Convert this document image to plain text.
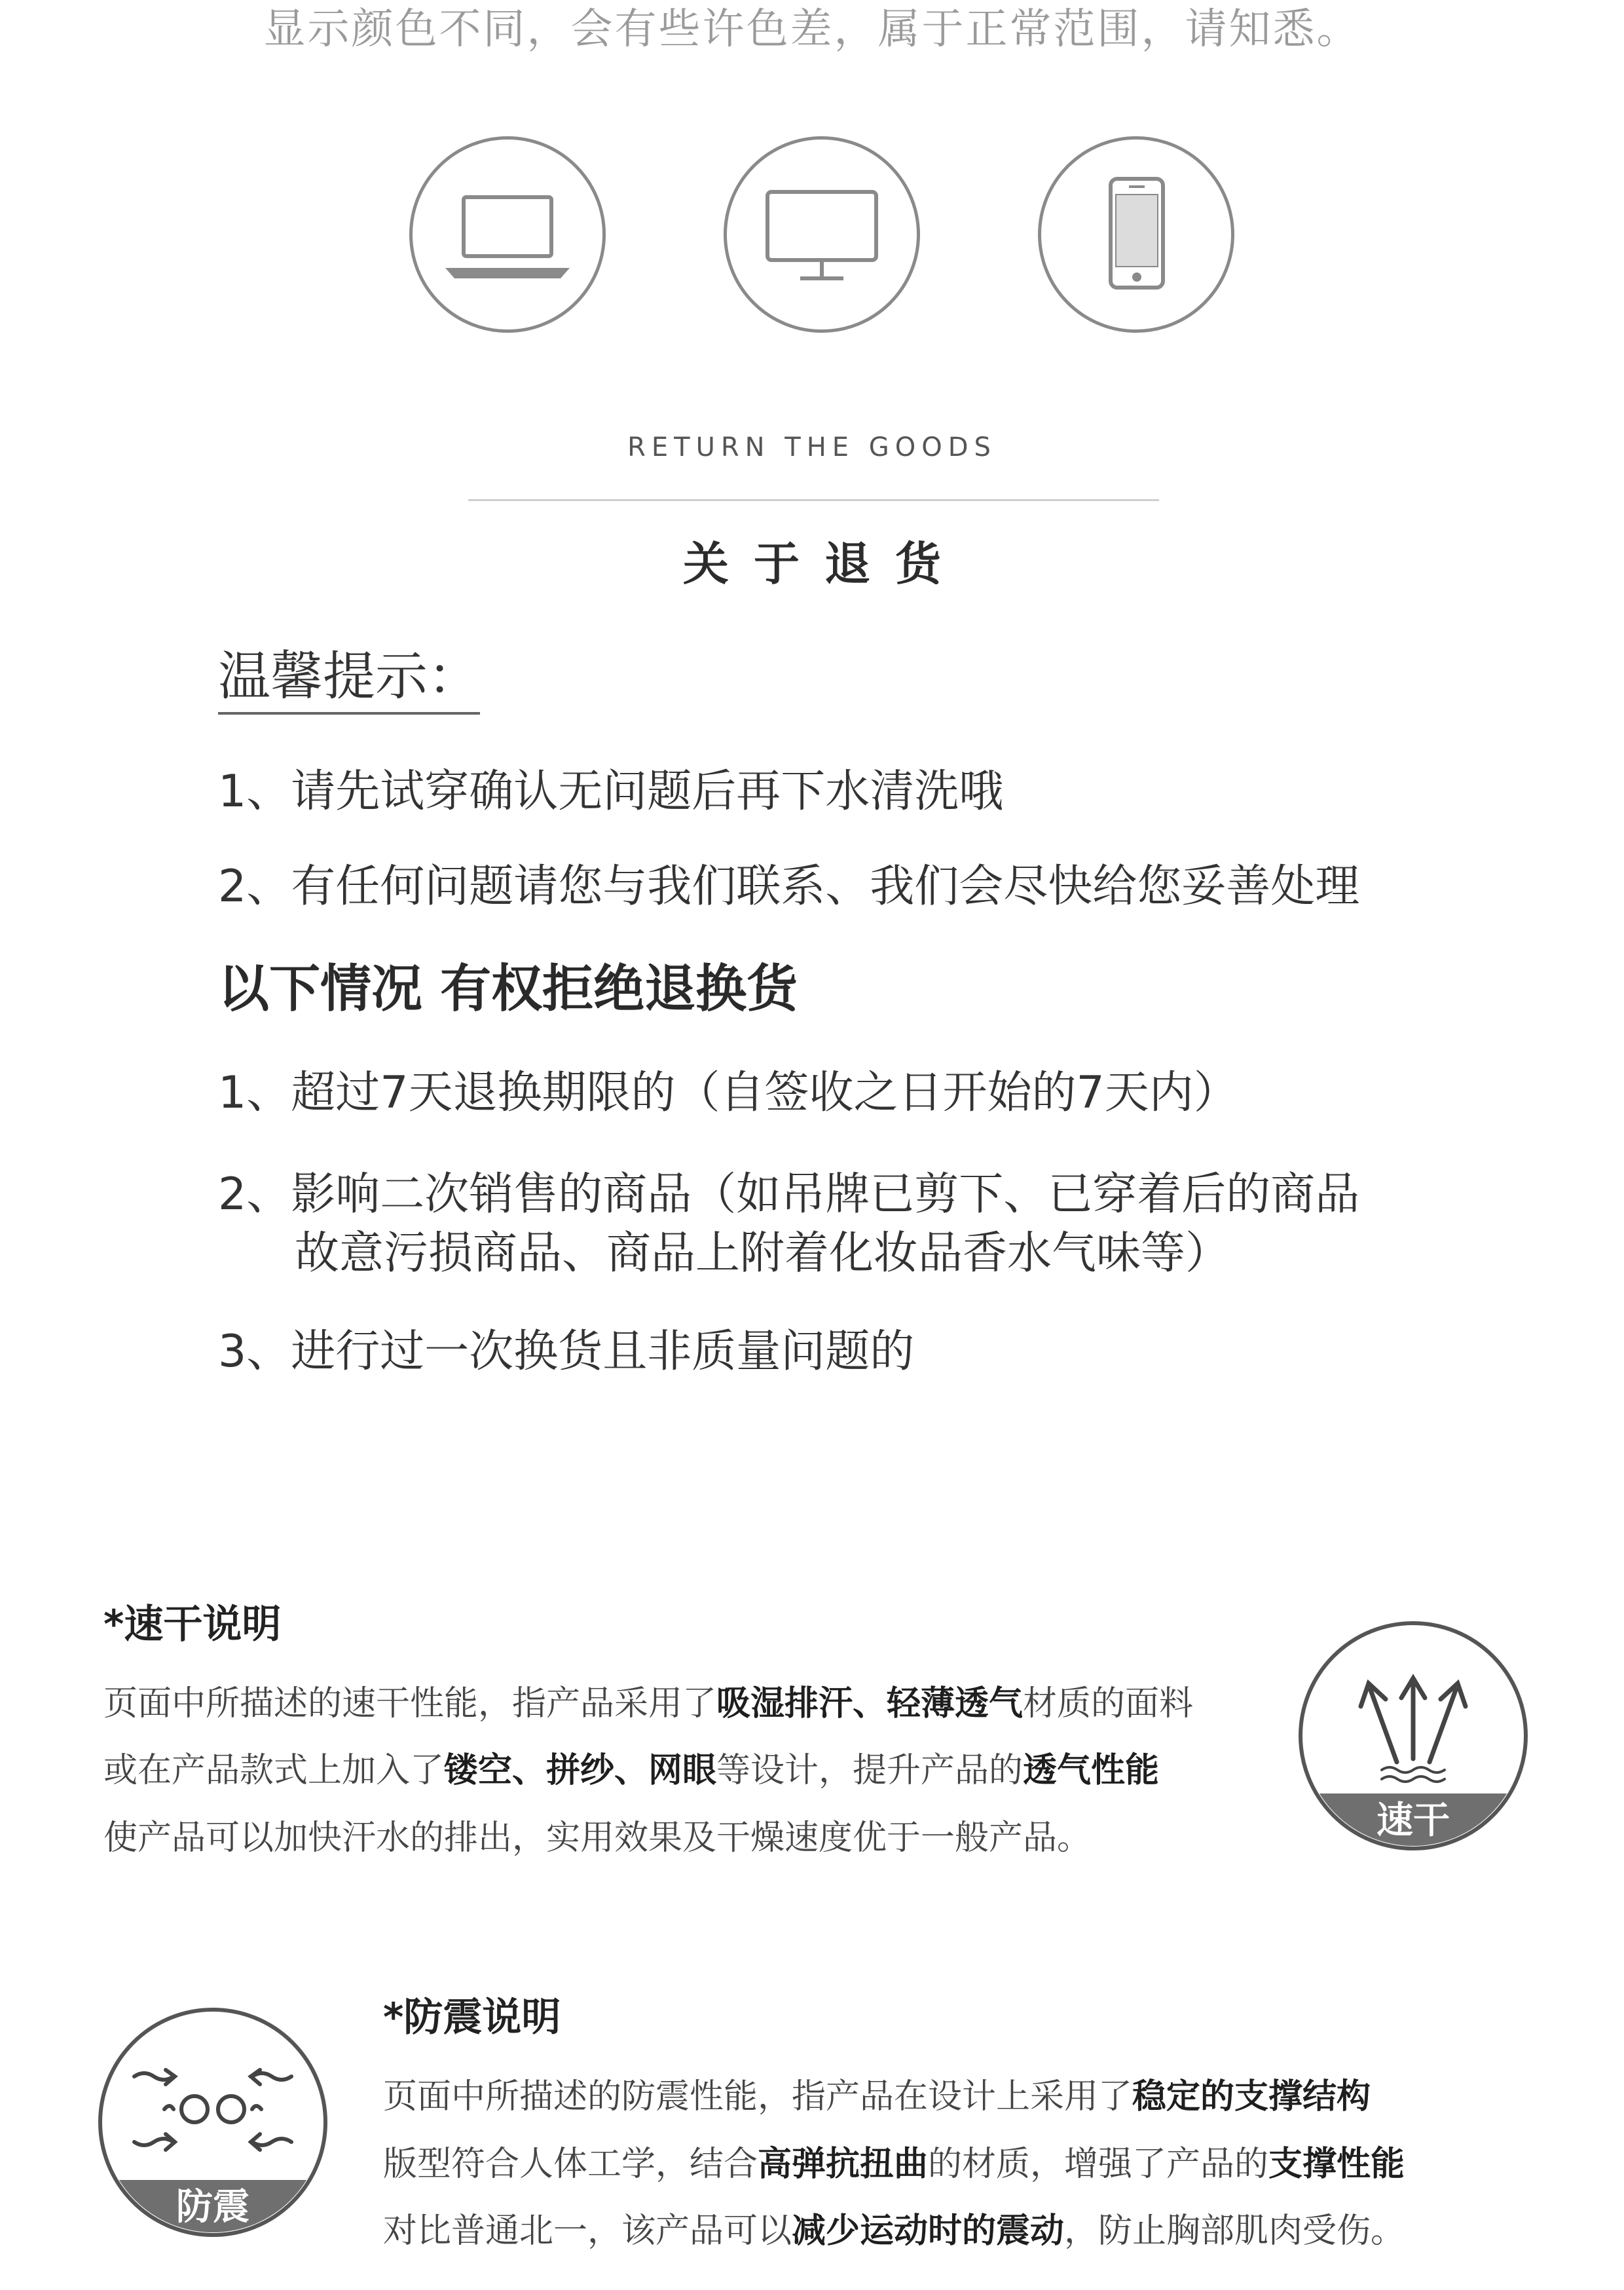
显示颜色不同，会有些许色差，属于正常范围，请知悉。
RETURN THE GOODS
关于退货
温馨提示：
1、请先试穿确认无问题后再下水清洗哦
2、有任何问题请您与我们联系、我们会尽快给您妥善处理
以下情况 有权拒绝退换货
1、超过7天退换期限的（自签收之日开始的7天内）
2、影响二次销售的商品（如吊牌已剪下、已穿着后的商品
故意污损商品、商品上附着化妆品香水气味等）
3、进行过一次换货且非质量问题的
*速干说明
页面中所描述的速干性能，指产品采用了吸湿排汗、轻薄透气材质的面料
或在产品款式上加入了镂空、拼纱、网眼等设计，提升产品的透气性能
使产品可以加快汗水的排出，实用效果及干燥速度优于一般产品。	速干
防震
*防震说明
页面中所描述的防震性能，指产品在设计上采用了稳定的支撑结构
版型符合人体工学，结合高弹抗扭曲的材质，增强了产品的支撑性能
对比普通北一，该产品可以减少运动时的震动，防止胸部肌肉受伤。
